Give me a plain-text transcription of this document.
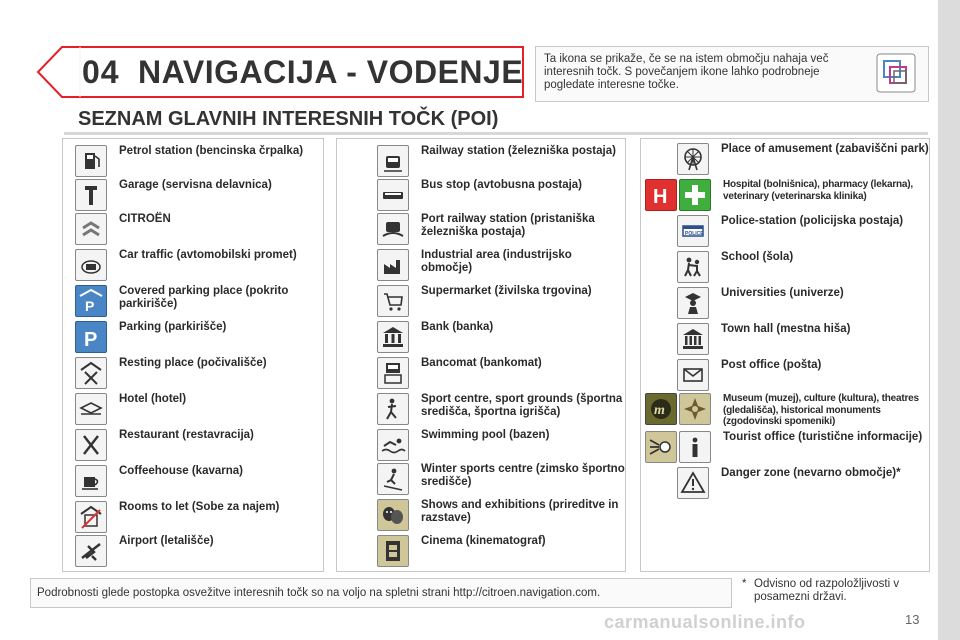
04 NAVIGACIJA - VODENJE Ta ikona se prikaže, če se na istem območju nahaja več interesnih točk. S povečanjem ikone lahko podrobneje pogledate interesne točke.
SEZNAM GLAVNIH INTERESNIH TOČK (POI)
Petrol station (bencinska črpalka)
Garage (servisna delavnica)
CITROËN
Car traffic (avtomobilski promet)
P
Covered parking place (pokrito parkirišče)
P
Parking (parkirišče)
Resting place (počivališče)
Hotel (hotel)
Restaurant (restavracija)
Coffeehouse (kavarna)
Rooms to let (Sobe za najem)
Airport (letališče)
Railway station (železniška postaja)
Bus stop (avtobusna postaja)
Port railway station (pristaniška železniška postaja)
Industrial area (industrijsko območje)
Supermarket (živilska trgovina)
Bank (banka)
Bancomat (bankomat)
Sport centre, sport grounds (športna središča, športna igrišča)
Swimming pool (bazen)
Winter sports centre (zimsko športno središče)
Shows and exhibitions (prireditve in razstave)
Cinema (kinematograf)
Place of amusement (zabaviščni park)
H
Hospital (bolnišnica), pharmacy (lekarna), veterinary (veterinarska klinika)
POLICE
Police-station (policijska postaja)
School (šola)
Universities (univerze)
Town hall (mestna hiša)
Post office (pošta)
m
Museum (muzej), culture (kultura), theatres (gledališča), historical monuments (zgodovinski spomeniki)
Tourist office (turistične informacije)
Danger zone (nevarno območje)*
Podrobnosti glede postopka osvežitve interesnih točk so na voljo na spletni strani http://citroen.navigation.com.
* Odvisno od razpoložljivosti v posamezni državi.
carmanualsonline.info	13
